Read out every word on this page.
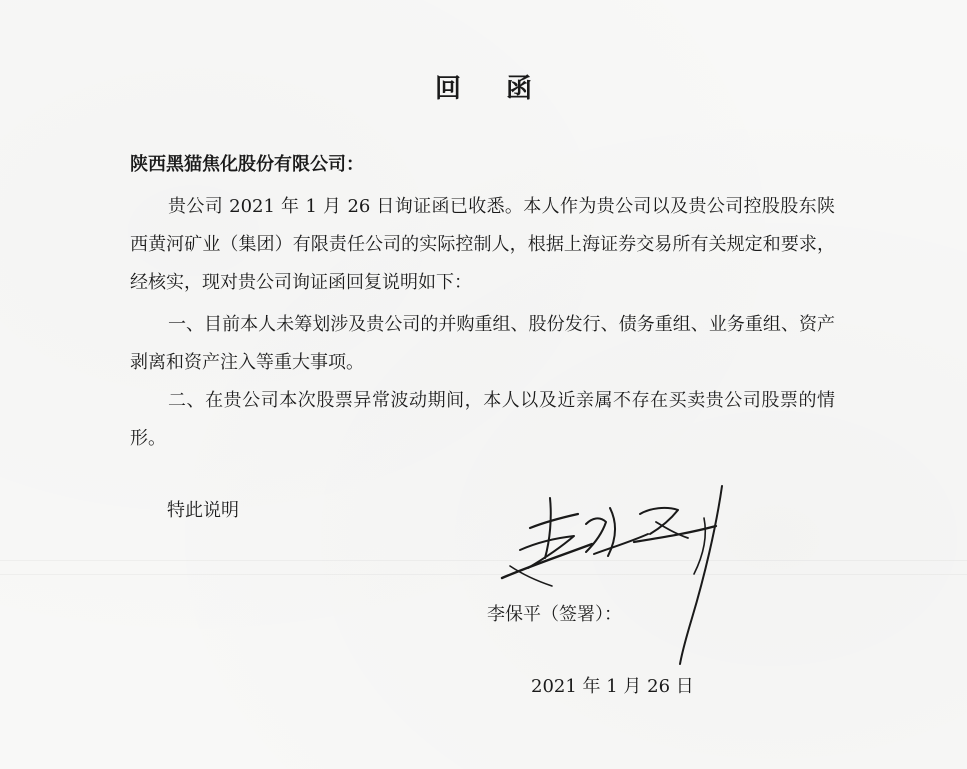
回 函
陕西黑猫焦化股份有限公司：
贵公司 2021 年 1 月 26 日询证函已收悉。本人作为贵公司以及贵公司控股股东陕西黄河矿业（集团）有限责任公司的实际控制人，根据上海证券交易所有关规定和要求，经核实，现对贵公司询证函回复说明如下：
一、目前本人未筹划涉及贵公司的并购重组、股份发行、债务重组、业务重组、资产剥离和资产注入等重大事项。
二、在贵公司本次股票异常波动期间，本人以及近亲属不存在买卖贵公司股票的情形。
特此说明
李保平（签署）：
2021 年 1 月 26 日
